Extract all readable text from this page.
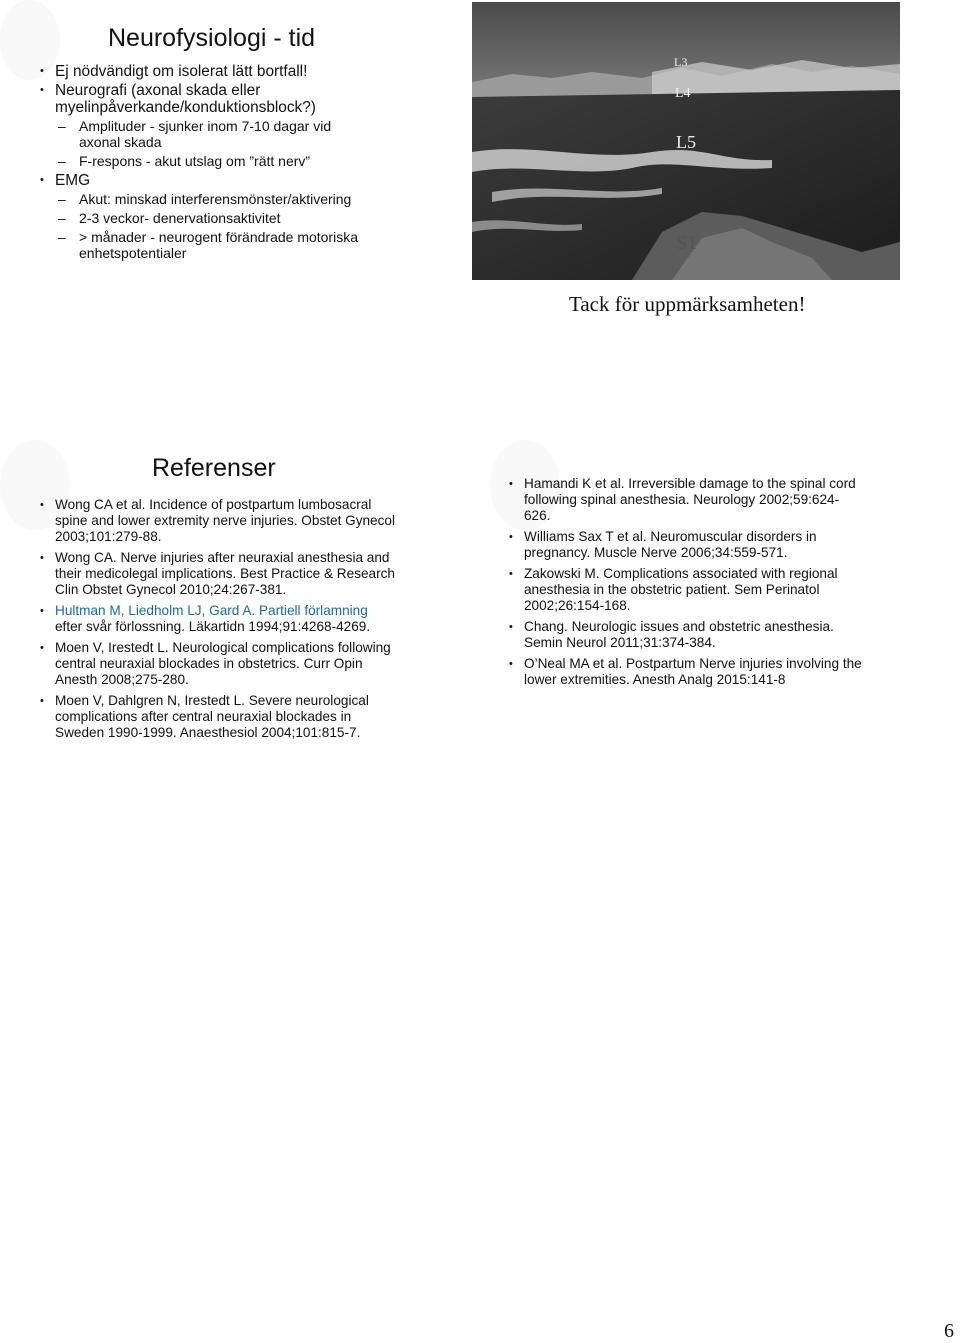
Neurofysiologi - tid
• Ej nödvändigt om isolerat lätt bortfall!
• Neurografi (axonal skada eller myelinpåverkande/konduktionsblock?)
– Amplituder - sjunker inom 7-10 dagar vid axonal skada
– F-respons - akut utslag om ”rätt nerv”
• EMG
– Akut: minskad interferensmönster/aktivering
– 2-3 veckor- denervationsaktivitet
– > månader - neurogent förändrade motoriska enhetspotentialer
L3
L4
L5
S1
Tack för uppmärksamheten!
Referenser
• Wong CA et al. Incidence of postpartum lumbosacral spine and lower extremity nerve injuries. Obstet Gynecol 2003;101:279-88.
• Wong CA. Nerve injuries after neuraxial anesthesia and their medicolegal implications. Best Practice & Research Clin Obstet Gynecol 2010;24:267-381.
• Hultman M, Liedholm LJ, Gard A. Partiell förlamning
efter svår förlossning. Läkartidn 1994;91:4268-4269.
• Moen V, Irestedt L. Neurological complications following central neuraxial blockades in obstetrics. Curr Opin Anesth 2008;275-280.
• Moen V, Dahlgren N, Irestedt L. Severe neurological complications after central neuraxial blockades in Sweden 1990-1999. Anaesthesiol 2004;101:815-7.
• Hamandi K et al. Irreversible damage to the spinal cord following spinal anesthesia. Neurology 2002;59:624-626.
• Williams Sax T et al. Neuromuscular disorders in pregnancy. Muscle Nerve 2006;34:559-571.
• Zakowski M. Complications associated with regional anesthesia in the obstetric patient. Sem Perinatol 2002;26:154-168.
• Chang. Neurologic issues and obstetric anesthesia. Semin Neurol 2011;31:374-384.
• O’Neal MA et al. Postpartum Nerve injuries involving the lower extremities. Anesth Analg 2015:141-8
6
